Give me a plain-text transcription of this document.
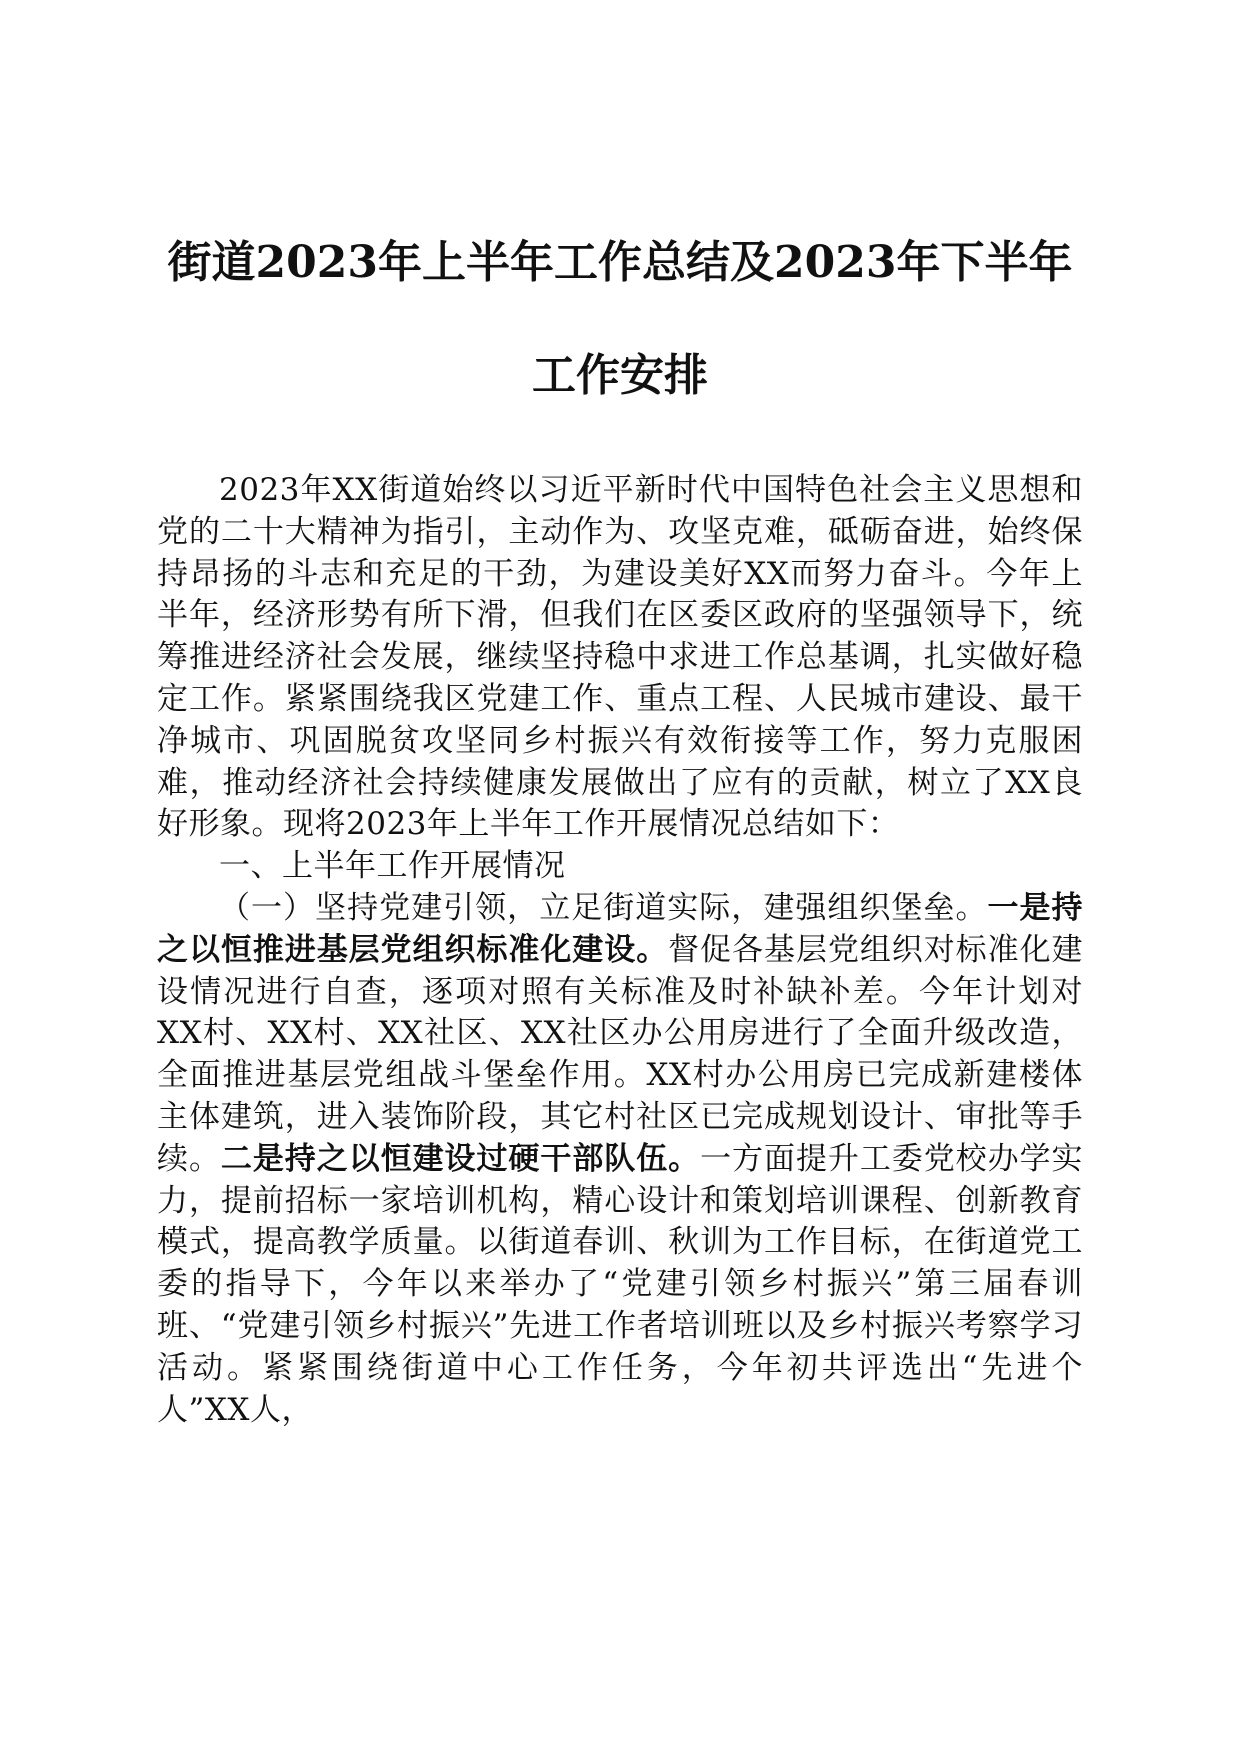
街道2023年上半年工作总结及2023年下半年
工作安排

2023年XX街道始终以习近平新时代中国特色社会主义思想和党的二十大精神为指引，主动作为、攻坚克难，砥砺奋进，始终保持昂扬的斗志和充足的干劲，为建设美好XX而努力奋斗。今年上半年，经济形势有所下滑，但我们在区委区政府的坚强领导下，统筹推进经济社会发展，继续坚持稳中求进工作总基调，扎实做好稳定工作。紧紧围绕我区党建工作、重点工程、人民城市建设、最干净城市、巩固脱贫攻坚同乡村振兴有效衔接等工作，努力克服困难，推动经济社会持续健康发展做出了应有的贡献，树立了XX良好形象。现将2023年上半年工作开展情况总结如下：

一、上半年工作开展情况

（一）坚持党建引领，立足街道实际，建强组织堡垒。一是持之以恒推进基层党组织标准化建设。督促各基层党组织对标准化建设情况进行自查，逐项对照有关标准及时补缺补差。今年计划对XX村、XX村、XX社区、XX社区办公用房进行了全面升级改造，全面推进基层党组战斗堡垒作用。XX村办公用房已完成新建楼体主体建筑，进入装饰阶段，其它村社区已完成规划设计、审批等手续。二是持之以恒建设过硬干部队伍。一方面提升工委党校办学实力，提前招标一家培训机构，精心设计和策划培训课程、创新教育模式，提高教学质量。以街道春训、秋训为工作目标，在街道党工委的指导下，今年以来举办了“党建引领乡村振兴”第三届春训班、“党建引领乡村振兴”先进工作者培训班以及乡村振兴考察学习活动。紧紧围绕街道中心工作任务，今年初共评选出“先进个人”XX人，
